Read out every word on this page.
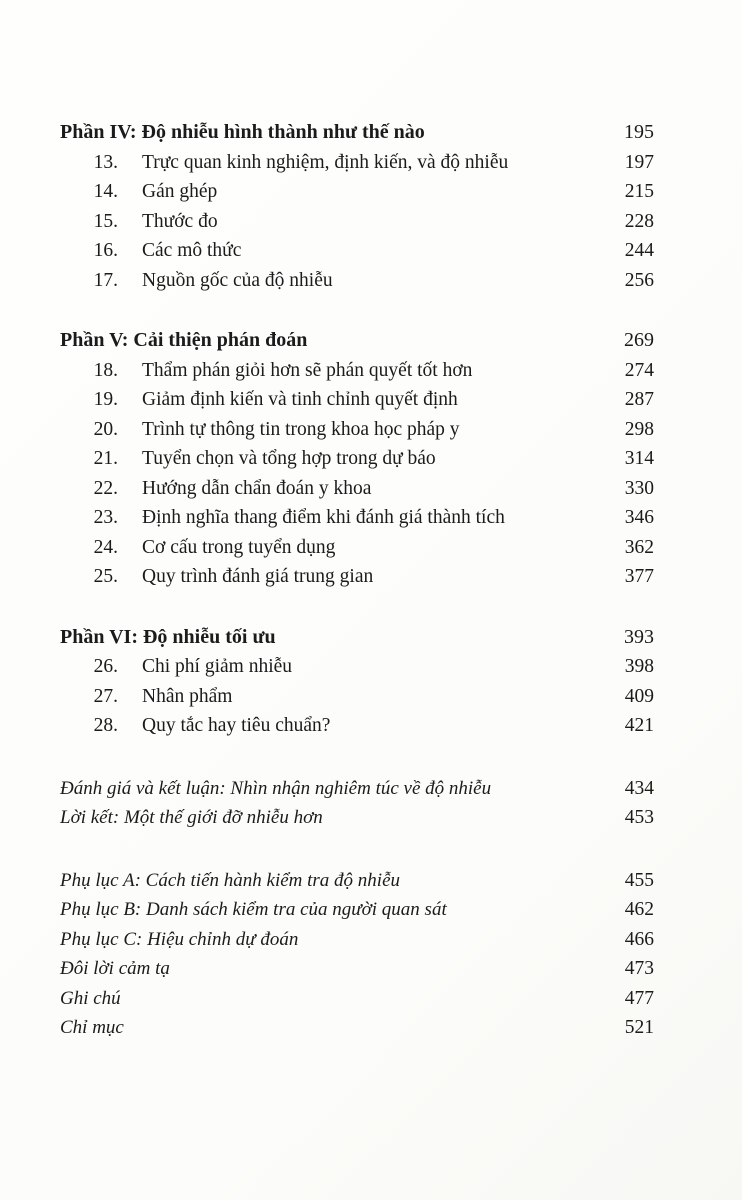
Phần IV: Độ nhiễu hình thành như thế nào	195
13. Trực quan kinh nghiệm, định kiến, và độ nhiễu	197
14. Gán ghép	215
15. Thước đo	228
16. Các mô thức	244
17. Nguồn gốc của độ nhiễu	256
Phần V: Cải thiện phán đoán	269
18. Thẩm phán giỏi hơn sẽ phán quyết tốt hơn	274
19. Giảm định kiến và tinh chỉnh quyết định	287
20. Trình tự thông tin trong khoa học pháp y	298
21. Tuyển chọn và tổng hợp trong dự báo	314
22. Hướng dẫn chẩn đoán y khoa	330
23. Định nghĩa thang điểm khi đánh giá thành tích	346
24. Cơ cấu trong tuyển dụng	362
25. Quy trình đánh giá trung gian	377
Phần VI: Độ nhiễu tối ưu	393
26. Chi phí giảm nhiễu	398
27. Nhân phẩm	409
28. Quy tắc hay tiêu chuẩn?	421
Đánh giá và kết luận: Nhìn nhận nghiêm túc về độ nhiễu	434
Lời kết: Một thế giới đỡ nhiễu hơn	453
Phụ lục A: Cách tiến hành kiểm tra độ nhiễu	455
Phụ lục B: Danh sách kiểm tra của người quan sát	462
Phụ lục C: Hiệu chỉnh dự đoán	466
Đôi lời cảm tạ	473
Ghi chú	477
Chỉ mục	521
